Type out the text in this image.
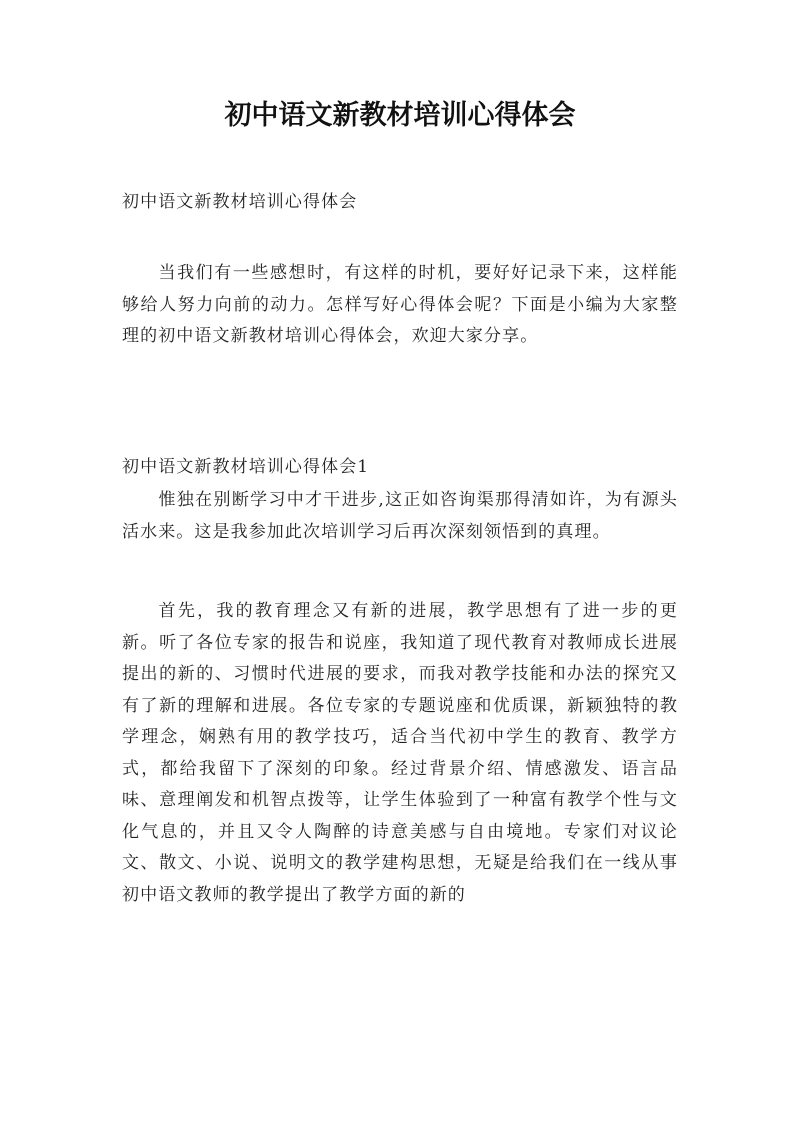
初中语文新教材培训心得体会
初中语文新教材培训心得体会
当我们有一些感想时，有这样的时机，要好好记录下来，这样能够给人努力向前的动力。怎样写好心得体会呢？下面是小编为大家整理的初中语文新教材培训心得体会，欢迎大家分享。
初中语文新教材培训心得体会1
惟独在别断学习中才干进步,这正如咨询渠那得清如许，为有源头活水来。这是我参加此次培训学习后再次深刻领悟到的真理。
首先，我的教育理念又有新的进展，教学思想有了进一步的更新。听了各位专家的报告和说座，我知道了现代教育对教师成长进展提出的新的、习惯时代进展的要求，而我对教学技能和办法的探究又有了新的理解和进展。各位专家的专题说座和优质课，新颖独特的教学理念，娴熟有用的教学技巧，适合当代初中学生的教育、教学方式，都给我留下了深刻的印象。经过背景介绍、情感激发、语言品味、意理阐发和机智点拨等，让学生体验到了一种富有教学个性与文化气息的，并且又令人陶醉的诗意美感与自由境地。专家们对议论文、散文、小说、说明文的教学建构思想，无疑是给我们在一线从事初中语文教师的教学提出了教学方面的新的
